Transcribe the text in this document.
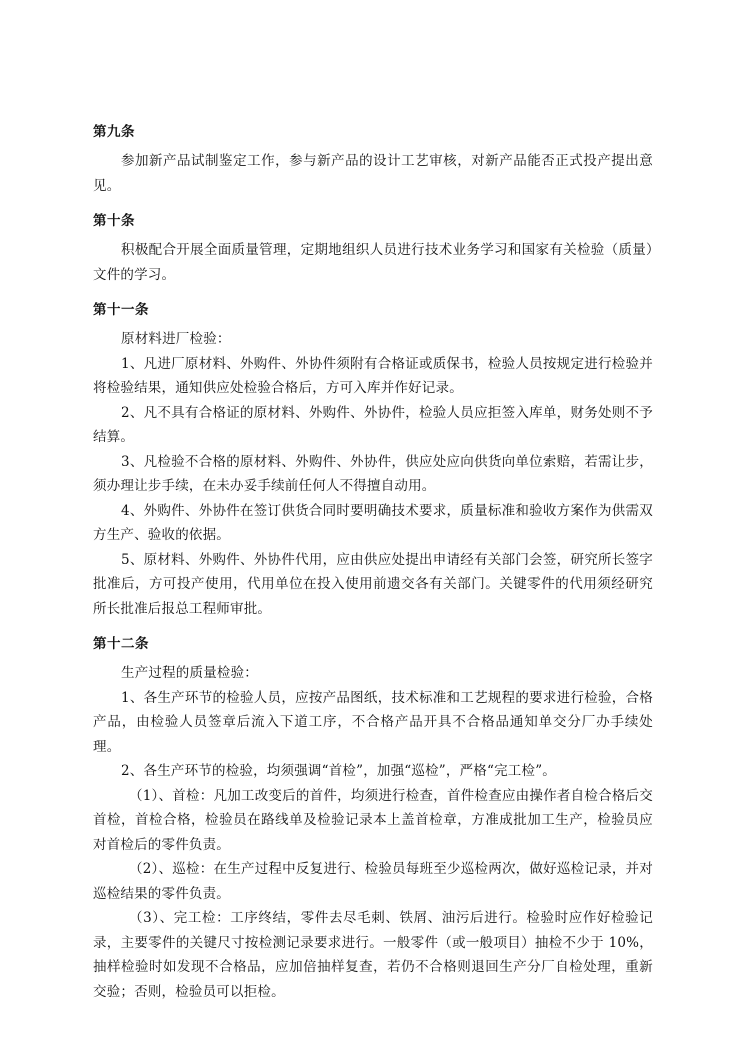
第九条

参加新产品试制鉴定工作，参与新产品的设计工艺审核，对新产品能否正式投产提出意见。

第十条

积极配合开展全面质量管理，定期地组织人员进行技术业务学习和国家有关检验（质量）文件的学习。

第十一条

原材料进厂检验：

1、凡进厂原材料、外购件、外协件须附有合格证或质保书，检验人员按规定进行检验并将检验结果，通知供应处检验合格后，方可入库并作好记录。

2、凡不具有合格证的原材料、外购件、外协件，检验人员应拒签入库单，财务处则不予结算。

3、凡检验不合格的原材料、外购件、外协件，供应处应向供货向单位索赔，若需让步，须办理让步手续，在未办妥手续前任何人不得擅自动用。

4、外购件、外协件在签订供货合同时要明确技术要求，质量标准和验收方案作为供需双方生产、验收的依据。

5、原材料、外购件、外协件代用，应由供应处提出申请经有关部门会签，研究所长签字批准后，方可投产使用，代用单位在投入使用前遗交各有关部门。关键零件的代用须经研究所长批准后报总工程师审批。

第十二条

生产过程的质量检验：

1、各生产环节的检验人员，应按产品图纸，技术标准和工艺规程的要求进行检验，合格产品，由检验人员签章后流入下道工序，不合格产品开具不合格品通知单交分厂办手续处理。

2、各生产环节的检验，均须强调“首检”，加强“巡检”，严格“完工检”。

（1）、首检：凡加工改变后的首件，均须进行检查，首件检查应由操作者自检合格后交首检，首检合格，检验员在路线单及检验记录本上盖首检章，方准成批加工生产，检验员应对首检后的零件负责。

（2）、巡检：在生产过程中反复进行、检验员每班至少巡检两次，做好巡检记录，并对巡检结果的零件负责。

（3）、完工检：工序终结，零件去尽毛刺、铁屑、油污后进行。检验时应作好检验记录，主要零件的关键尺寸按检测记录要求进行。一般零件（或一般项目）抽检不少于 10%，抽样检验时如发现不合格品，应加倍抽样复查，若仍不合格则退回生产分厂自检处理，重新交验；否则，检验员可以拒检。
